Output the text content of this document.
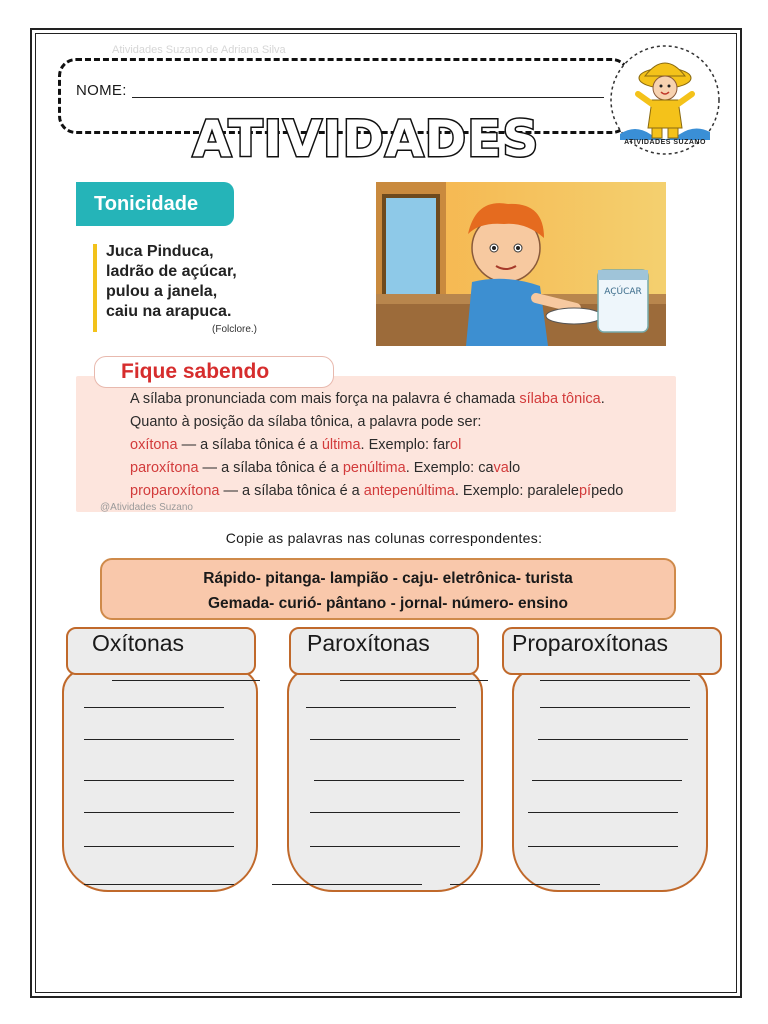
Atividades Suzano de Adriana Silva
NOME:
ATIVIDADES SUZANO
ATIVIDADES
Tonicidade
Juca Pinduca,
ladrão de açúcar,
pulou a janela,
caiu na arapuca.
(Folclore.)
AÇÚCAR
Fique sabendo
A sílaba pronunciada com mais força na palavra é chamada sílaba tônica.
Quanto à posição da sílaba tônica, a palavra pode ser:
oxítona — a sílaba tônica é a última. Exemplo: farol
paroxítona — a sílaba tônica é a penúltima. Exemplo: cavalo
proparoxítona — a sílaba tônica é a antepenúltima. Exemplo: paralelepípedo
@Atividades Suzano
Copie as palavras nas colunas correspondentes:
Rápido- pitanga- lampião - caju- eletrônica- turista
Gemada- curió- pântano - jornal- número- ensino
Oxítonas	Paroxítonas	Proparoxítonas
